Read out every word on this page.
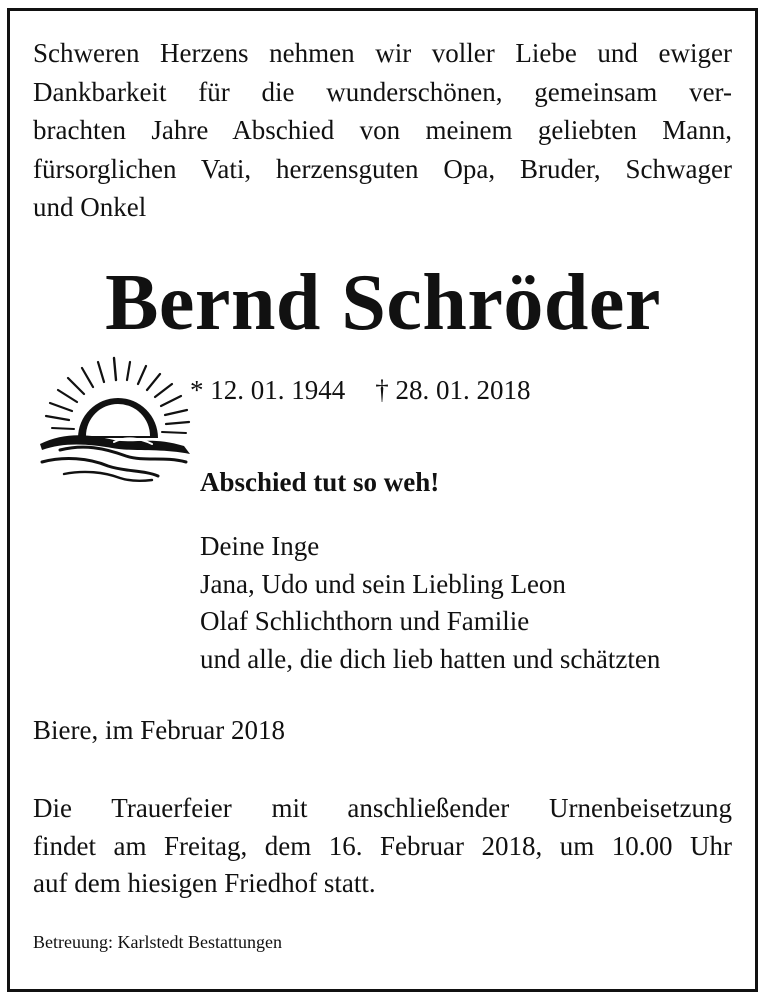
Schweren Herzens nehmen wir voller Liebe und ewiger
Dankbarkeit für die wunderschönen, gemeinsam ver-
brachten Jahre Abschied von meinem geliebten Mann,
fürsorglichen Vati, herzensguten Opa, Bruder, Schwager
und Onkel

Bernd Schröder
* 12. 01. 1944 † 28. 01. 2018

Abschied tut so weh!

Deine Inge
Jana, Udo und sein Liebling Leon
Olaf Schlichthorn und Familie
und alle, die dich lieb hatten und schätzten

Biere, im Februar 2018

Die Trauerfeier mit anschließender Urnenbeisetzung
findet am Freitag, dem 16. Februar 2018, um 10.00 Uhr
auf dem hiesigen Friedhof statt.

Betreuung: Karlstedt Bestattungen
